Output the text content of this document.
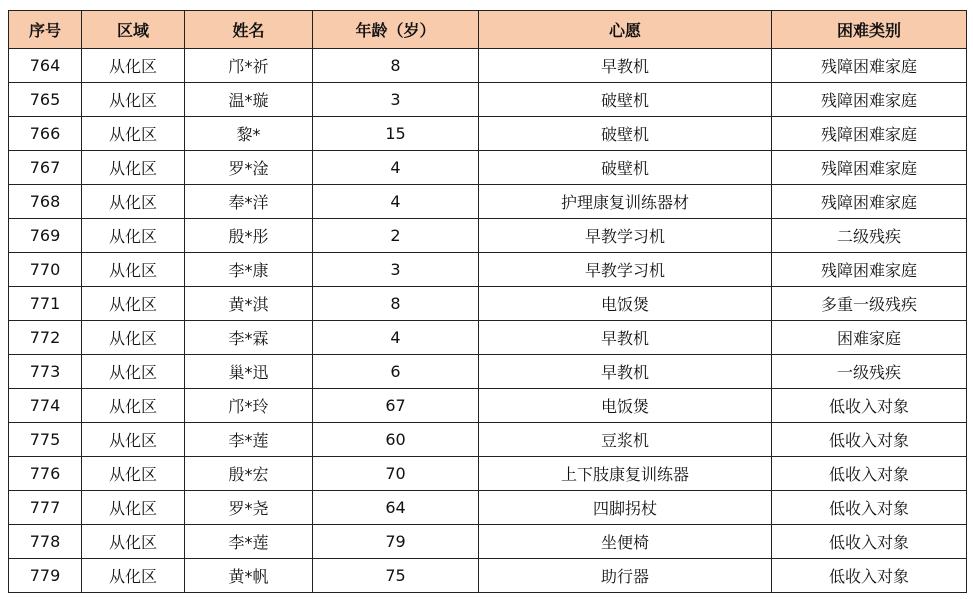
序号	区域	姓名	年龄（岁）	心愿	困难类别
764	从化区	邝*祈	8	早教机	残障困难家庭
765	从化区	温*璇	3	破壁机	残障困难家庭
766	从化区	黎*	15	破壁机	残障困难家庭
767	从化区	罗*淦	4	破壁机	残障困难家庭
768	从化区	奉*洋	4	护理康复训练器材	残障困难家庭
769	从化区	殷*彤	2	早教学习机	二级残疾
770	从化区	李*康	3	早教学习机	残障困难家庭
771	从化区	黄*淇	8	电饭煲	多重一级残疾
772	从化区	李*霖	4	早教机	困难家庭
773	从化区	巢*迅	6	早教机	一级残疾
774	从化区	邝*玲	67	电饭煲	低收入对象
775	从化区	李*莲	60	豆浆机	低收入对象
776	从化区	殷*宏	70	上下肢康复训练器	低收入对象
777	从化区	罗*尧	64	四脚拐杖	低收入对象
778	从化区	李*莲	79	坐便椅	低收入对象
779	从化区	黄*帆	75	助行器	低收入对象
